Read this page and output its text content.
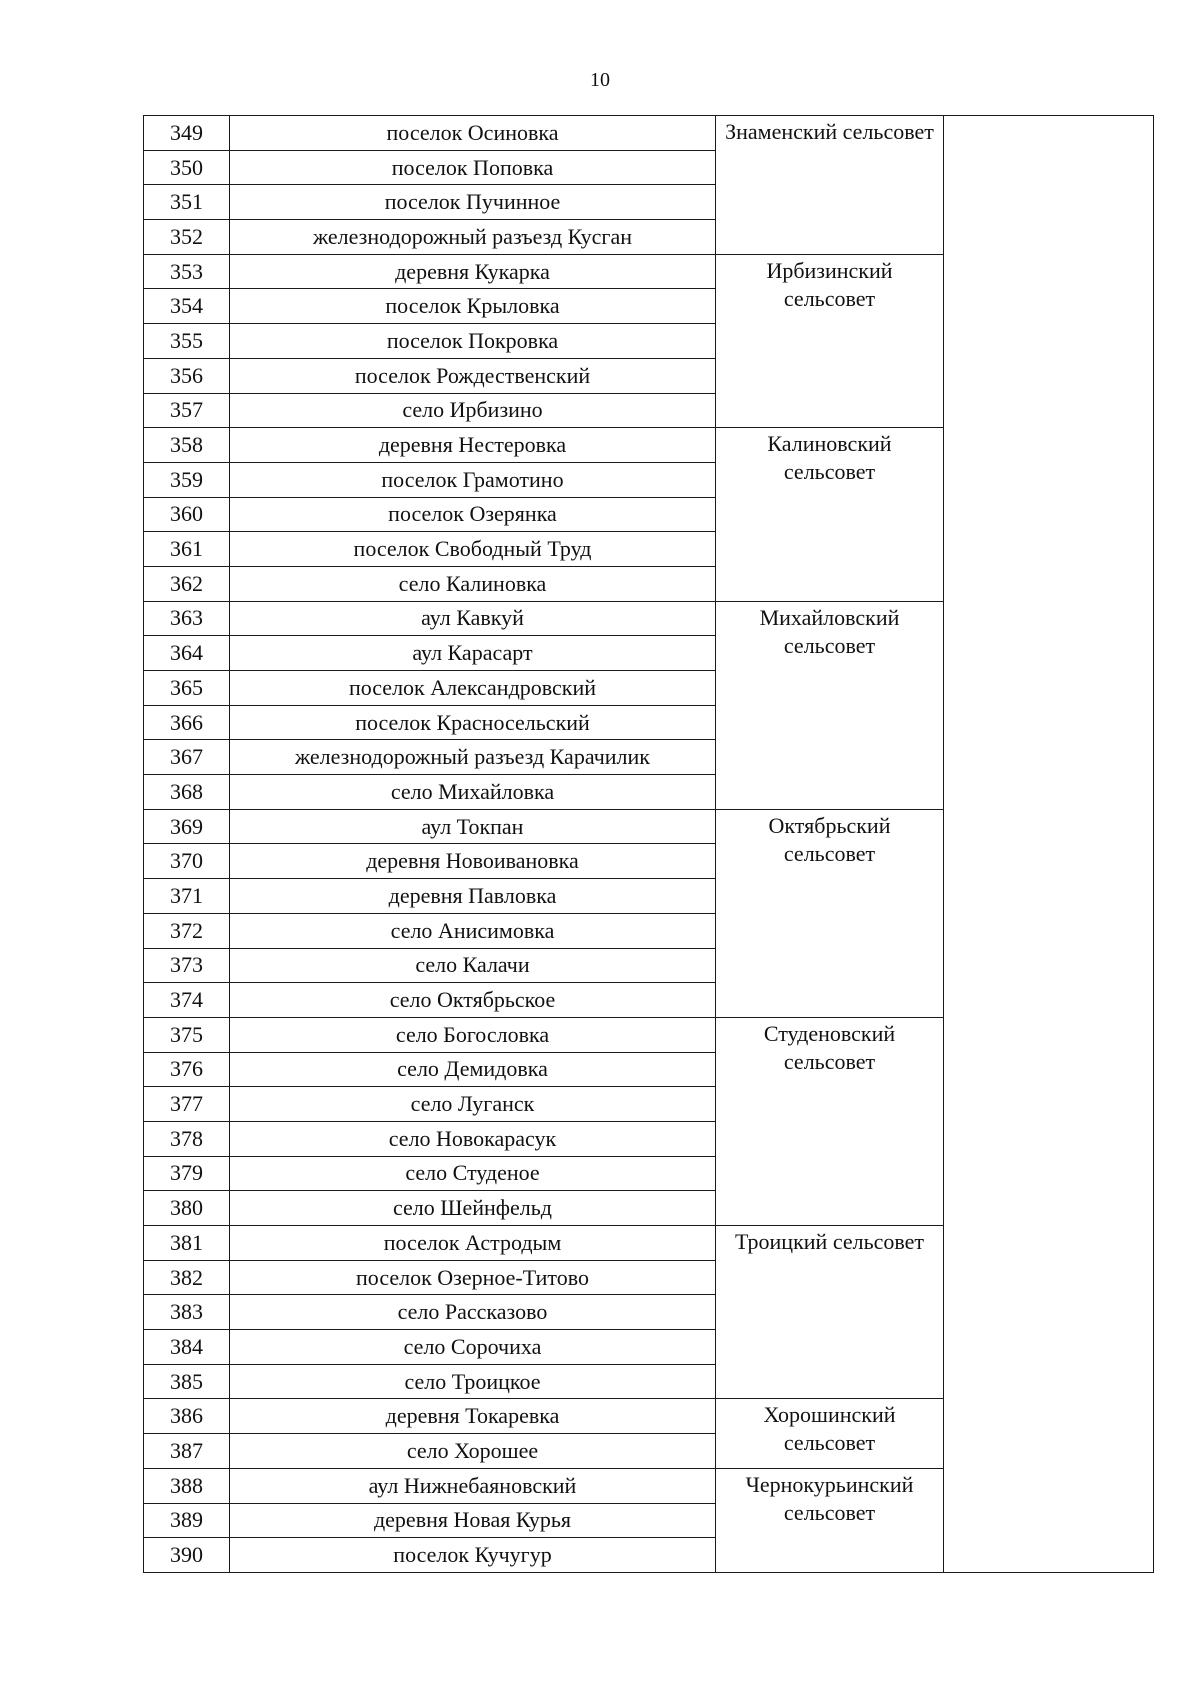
10
349	поселок Осиновка	Знаменский сельсовет	
350	поселок Поповка		
351	поселок Пучинное		
352	железнодорожный разъезд Кусган		
353	деревня Кукарка	Ирбизинский сельсовет	
354	поселок Крыловка		
355	поселок Покровка		
356	поселок Рождественский		
357	село Ирбизино		
358	деревня Нестеровка	Калиновский сельсовет	
359	поселок Грамотино		
360	поселок Озерянка		
361	поселок Свободный Труд		
362	село Калиновка		
363	аул Кавкуй	Михайловский сельсовет	
364	аул Карасарт		
365	поселок Александровский		
366	поселок Красносельский		
367	железнодорожный разъезд Карачилик		
368	село Михайловка		
369	аул Токпан	Октябрьский сельсовет	
370	деревня Новоивановка		
371	деревня Павловка		
372	село Анисимовка		
373	село Калачи		
374	село Октябрьское		
375	село Богословка	Студеновский сельсовет	
376	село Демидовка		
377	село Луганск		
378	село Новокарасук		
379	село Студеное		
380	село Шейнфельд		
381	поселок Астродым	Троицкий сельсовет	
382	поселок Озерное-Титово		
383	село Рассказово		
384	село Сорочиха		
385	село Троицкое		
386	деревня Токаревка	Хорошинский сельсовет	
387	село Хорошее		
388	аул Нижнебаяновский	Чернокурьинский сельсовет	
389	деревня Новая Курья		
390	поселок Кучугур		
